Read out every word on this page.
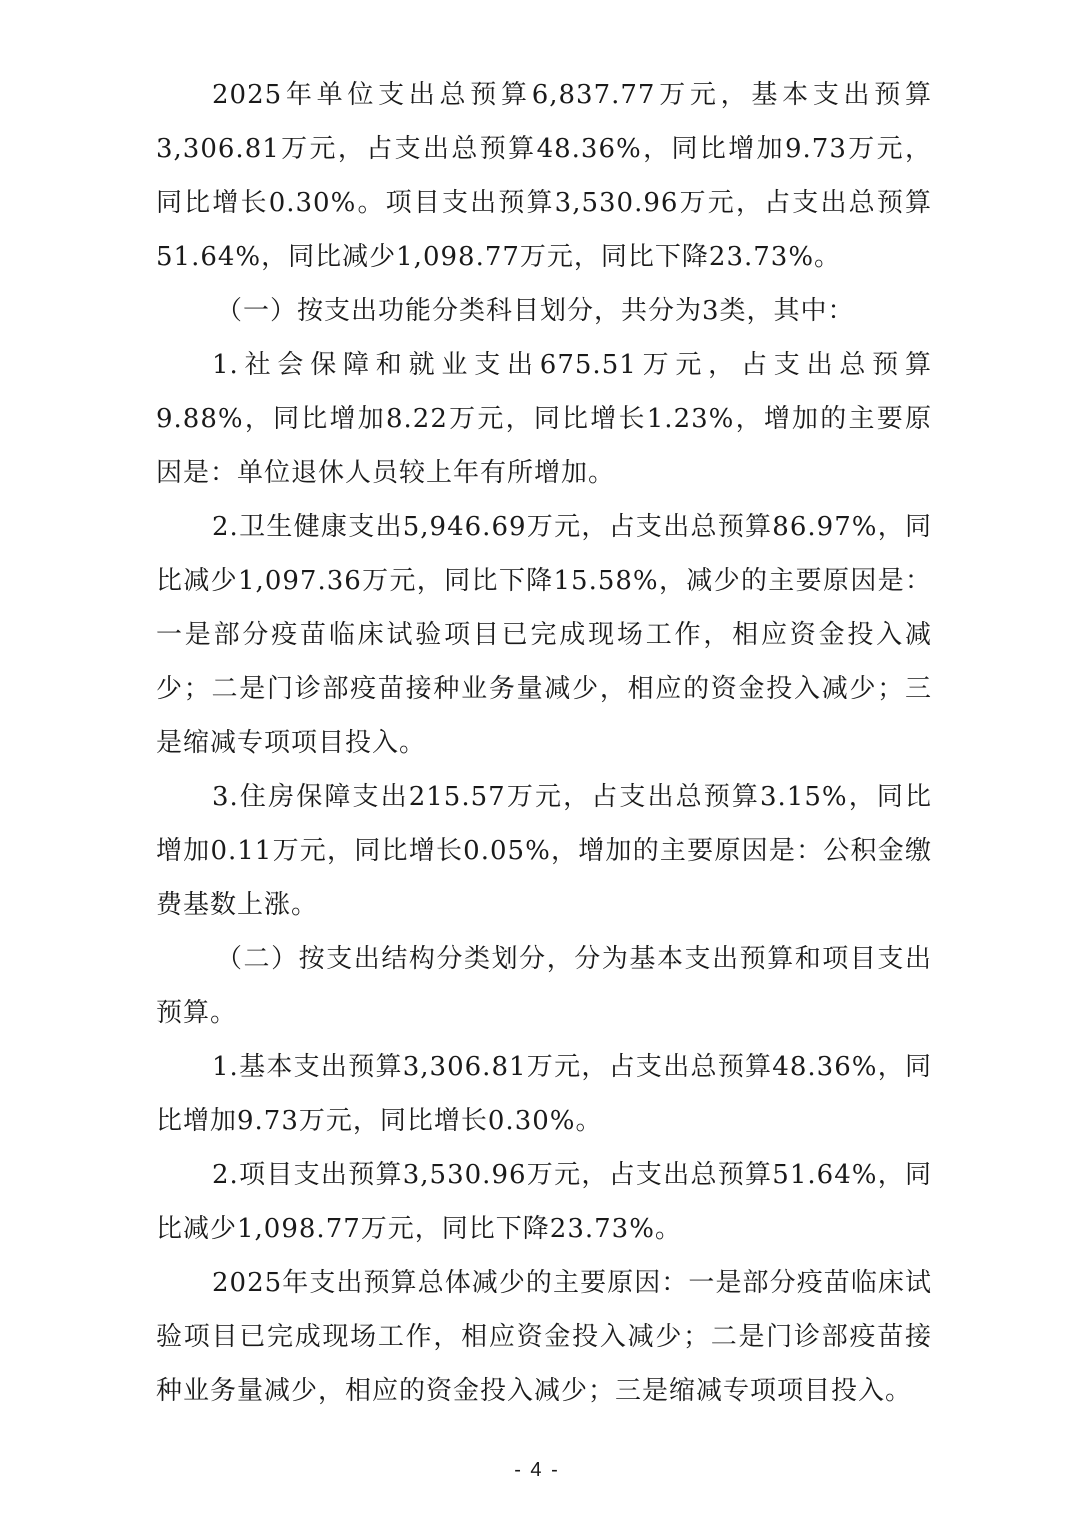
2025年单位支出总预算6,837.77万元，基本支出预算3,306.81万元，占支出总预算48.36%，同比增加9.73万元，同比增长0.30%。项目支出预算3,530.96万元，占支出总预算51.64%，同比减少1,098.77万元，同比下降23.73%。

（一）按支出功能分类科目划分，共分为3类，其中：

1.社会保障和就业支出675.51万元，占支出总预算9.88%，同比增加8.22万元，同比增长1.23%，增加的主要原因是：单位退休人员较上年有所增加。

2.卫生健康支出5,946.69万元，占支出总预算86.97%，同比减少1,097.36万元，同比下降15.58%，减少的主要原因是：一是部分疫苗临床试验项目已完成现场工作，相应资金投入减少；二是门诊部疫苗接种业务量减少，相应的资金投入减少；三是缩减专项项目投入。

3.住房保障支出215.57万元，占支出总预算3.15%，同比增加0.11万元，同比增长0.05%，增加的主要原因是：公积金缴费基数上涨。

（二）按支出结构分类划分，分为基本支出预算和项目支出预算。

1.基本支出预算3,306.81万元，占支出总预算48.36%，同比增加9.73万元，同比增长0.30%。

2.项目支出预算3,530.96万元，占支出总预算51.64%，同比减少1,098.77万元，同比下降23.73%。

2025年支出预算总体减少的主要原因：一是部分疫苗临床试验项目已完成现场工作，相应资金投入减少；二是门诊部疫苗接种业务量减少，相应的资金投入减少；三是缩减专项项目投入。

- 4 -
